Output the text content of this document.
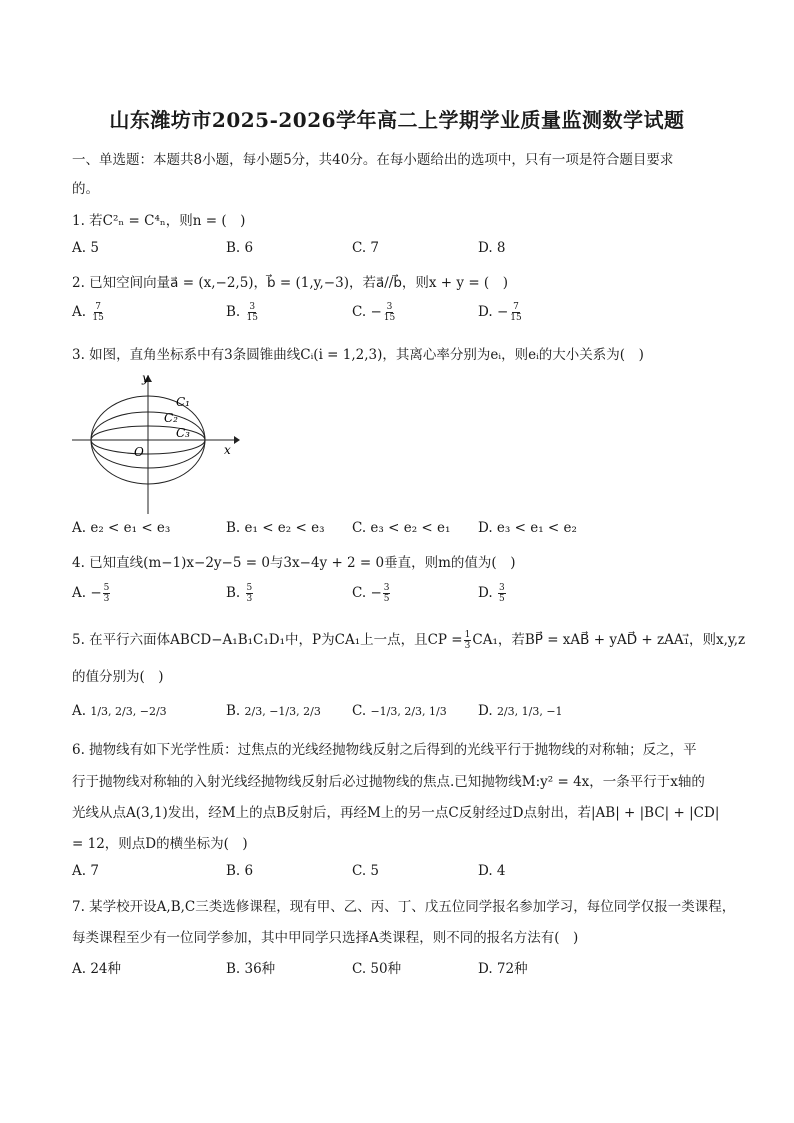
山东潍坊市2025-2026学年高二上学期学业质量监测数学试题
一、单选题：本题共8小题，每小题5分，共40分。在每小题给出的选项中，只有一项是符合题目要求
的。
1. 若C²ₙ = C⁴ₙ，则n = (　)
A. 5	B. 6	C. 7	D. 8
2. 已知空间向量a⃗ = (x,−2,5)，b⃗ = (1,y,−3)，若a⃗//b⃗，则x + y = (　)
A. $\frac{7}{15}$	B. $\frac{3}{15}$	C. − $\frac{3}{15}$	D. − $\frac{7}{15}$
3. 如图，直角坐标系中有3条圆锥曲线Cᵢ(i = 1,2,3)，其离心率分别为eᵢ，则eᵢ的大小关系为(　)
y
x
O
C₁
C₂
C₃
A. e₂ < e₁ < e₃	B. e₁ < e₂ < e₃ C. e₃ < e₂ < e₁ D. e₃ < e₁ < e₂
4. 已知直线(m−1)x−2y−5 = 0与3x−4y + 2 = 0垂直，则m的值为(　)
A. − $\frac{5}{3}$	B. $\frac{5}{3}$	C. − $\frac{3}{5}$	D. $\frac{3}{5}$
5. 在平行六面体ABCD−A₁B₁C₁D₁中，P为CA₁上一点，且CP = $\frac{1}{3} CA_1$，若BP⃗ = xAB⃗ + yAD⃗ + zAA₁⃗，则x,y,z
的值分别为(　)
A. 1/3, 2/3, −2/3	B. 2/3, −1/3, 2/3 C. −1/3, 2/3, 1/3 D. 2/3, 1/3, −1
6. 抛物线有如下光学性质：过焦点的光线经抛物线反射之后得到的光线平行于抛物线的对称轴；反之，平
行于抛物线对称轴的入射光线经抛物线反射后必过抛物线的焦点.已知抛物线M:y² = 4x，一条平行于x轴的
光线从点A(3,1)发出，经M上的点B反射后，再经M上的另一点C反射经过D点射出，若|AB| + |BC| + |CD|
= 12，则点D的横坐标为(　)
A. 7	B. 6	C. 5	D. 4
7. 某学校开设A,B,C三类选修课程，现有甲、乙、丙、丁、戊五位同学报名参加学习，每位同学仅报一类课程，
每类课程至少有一位同学参加，其中甲同学只选择A类课程，则不同的报名方法有(　)
A. 24种	B. 36种	C. 50种	D. 72种
